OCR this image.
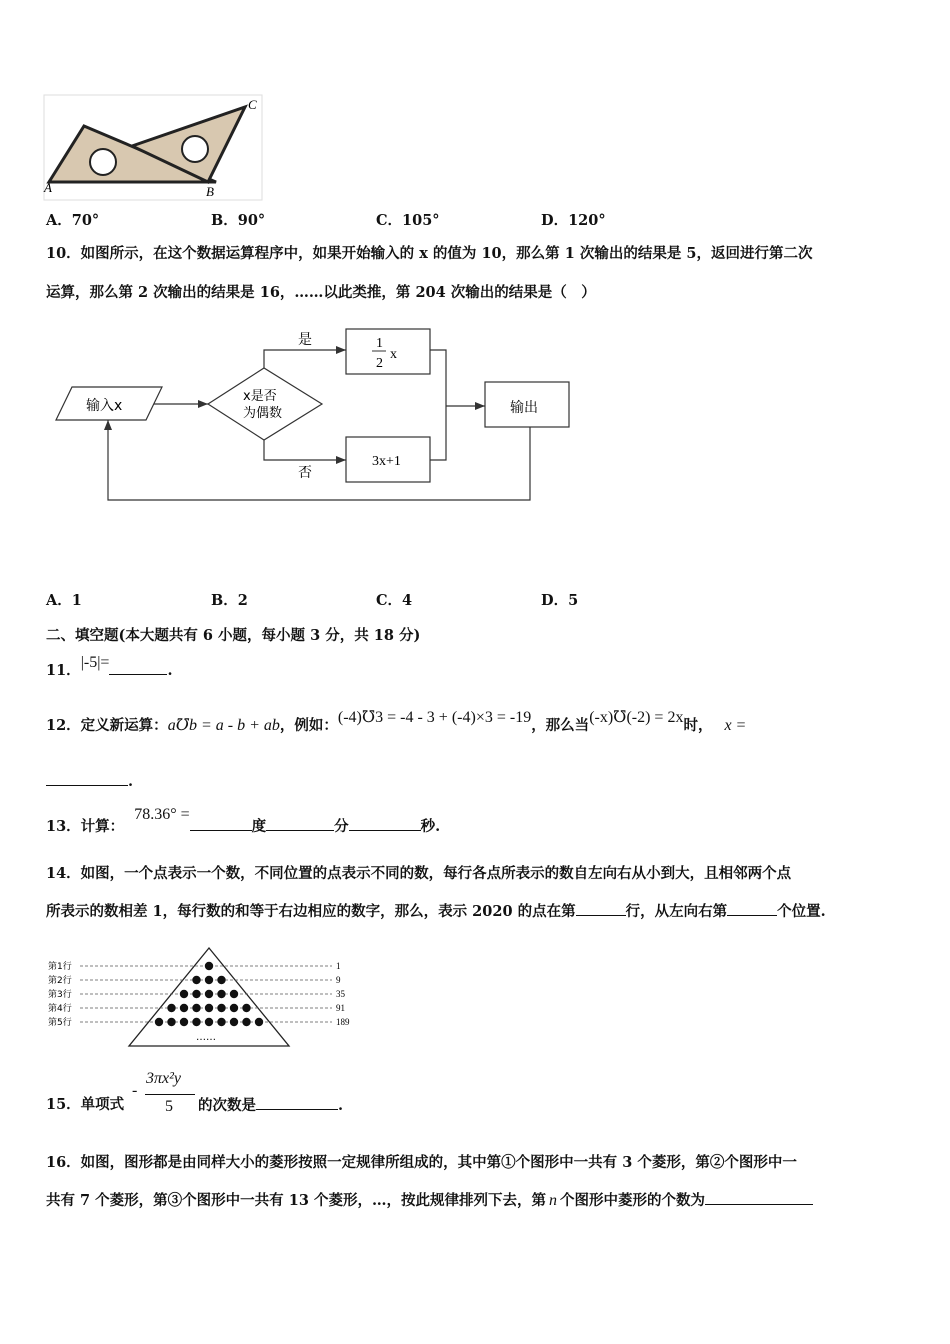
A	B
C
A．70°	B．90°	C．105°	D．120°
10．如图所示，在这个数据运算程序中，如果开始输入的 x 的值为 10，那么第 1 次输出的结果是 5，返回进行第二次
运算，那么第 2 次输出的结果是 16，……以此类推，第 204 次输出的结果是（　）
输入x
x是否
为偶数
是
否
1
2
x
3x+1
输出
A．1	B．2	C．4	D．5
二、填空题(本大题共有 6 小题，每小题 3 分，共 18 分)
11．|-5|=	.
12．定义新运算：a℧b = a - b + ab，例如：(-4)℧3 = -4 - 3 + (-4)×3 = -19，那么当(-x)℧(-2) = 2x时， x =
.
13．计算：78.36° =度	分	秒.
14．如图，一个点表示一个数，不同位置的点表示不同的数，每行各点所表示的数自左向右从小到大，且相邻两个点
所表示的数相差 1，每行数的和等于右边相应的数字，那么，表示 2020 的点在第	行，从左向右第	个位置.
第1行	1
第2行	9
第3行	35
第4行	91
第5行	189
……
15．单项式
-
3πx²y
5 的次数是	.
16．如图，图形都是由同样大小的菱形按照一定规律所组成的，其中第①个图形中一共有 3 个菱形，第②个图形中一
共有 7 个菱形，第③个图形中一共有 13 个菱形，…，按此规律排列下去，第 n 个图形中菱形的个数为
